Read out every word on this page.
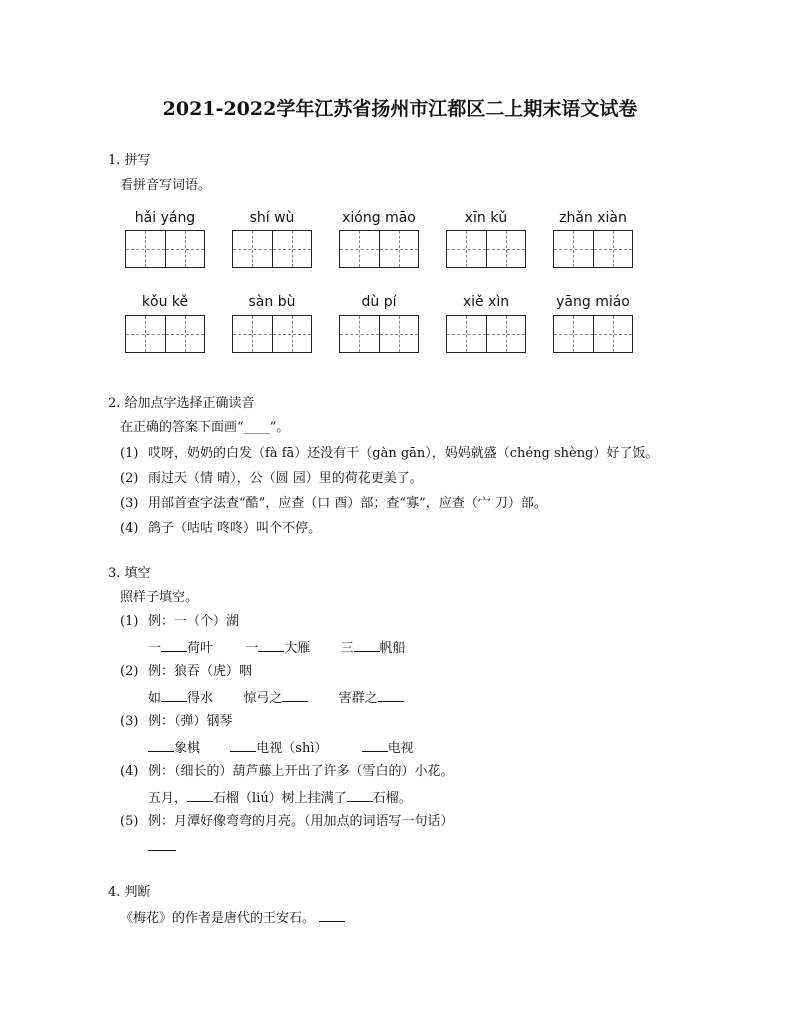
2021-2022学年江苏省扬州市江都区二上期末语文试卷
1. 拼写
看拼音写词语。
hǎi yáng	shí wù	xióng māo	xīn kǔ	zhǎn xiàn
kǒu kě	sàn bù	dù pí	xiě xìn	yāng miáo
2. 给加点字选择正确读音
在正确的答案下面画“____”。
(1) 哎呀，奶奶的白发（fà fā）还没有干（gàn gān），妈妈就盛（chéng shèng）好了饭。
(2) 雨过天（情 晴），公（圆 园）里的荷花更美了。
(3) 用部首查字法查“酷”，应查（口 酉）部；查“寡”，应查（宀 刀）部。
(4) 鸽子（咕咕 咚咚）叫个不停。
3. 填空
照样子填空。
(1) 例：一（个）湖
一 荷叶 一 大雁 三 帆船
(2) 例：狼吞（虎）咽
如 得水 惊弓之	害群之
(3) 例：（弹）钢琴
象棋	电视（shì）	电视
(4) 例：（细长的）葫芦藤上开出了许多（雪白的）小花。
五月， 石榴（liú）树上挂满了 石榴。
(5) 例：月潭好像弯弯的月亮。（用加点的词语写一句话）
4. 判断
《梅花》的作者是唐代的王安石。
